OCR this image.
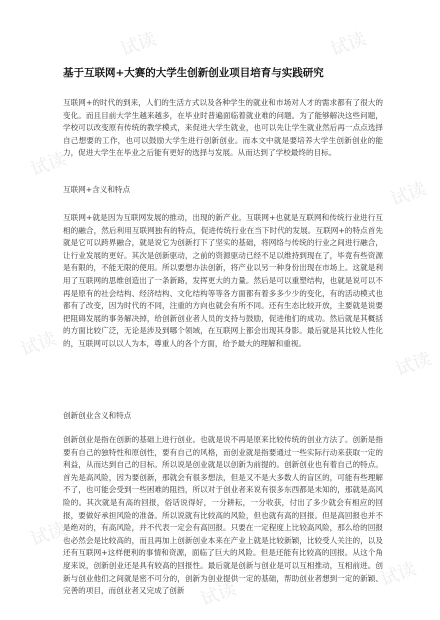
试读	试读
试读
试读
试读
试读
试读
试读
试读
基于互联网+大赛的大学生创新创业项目培育与实践研究
互联网+的时代的到来，人们的生活方式以及各种学生的就业和市场对人才的需求都有了很大的变化。而且目前大学生越来越多，在毕业时普遍面临着就业难的问题。为了能够解决这些问题，学校可以改变原有传统的教学模式，来促进大学生就业，也可以先让学生就业然后再一点点选择自己想要的工作，也可以鼓励大学生进行创新创业。而本文中就是要培养大学生创新创业的能力，促进大学生在毕业之后能有更好的选择与发展。从而达到了学校最终的目标。
互联网+含义和特点
互联网+就是因为互联网发展的推动，出现的新产业。互联网+也就是互联网和传统行业进行互相的融合，然后利用互联网独有的特点，促进传统行业在当下时代的发展。互联网+的特点首先就是它可以跨界融合，就是说它为创新打下了坚实的基础，将网络与传统的行业之间进行融合，让行业发展的更好。其次是创新驱动，之前的资源驱动已经不足以维持到现在了，毕竟有些资源是有限的，不能无限的使用。所以要想办法创新，将产业以另一种身份出现在市场上。这就是利用了互联网的思维创造出了一条新路，发挥更大的力量。然后是可以重塑结构，也就是说可以不再是原有的社会结构、经济结构、文化结构等等各方面都有着多多少少的变化，有的活动模式也都有了改变，因为时代的不同，注重的方向也就会有所不同。还有生态比较开放，主要就是说要把阻碍发展的事务解决掉，给创新创业者人员的支持与鼓励，促进他们的成功。然后就是其概括的方面比较广泛，无论是涉及到哪个领域，在互联网上都会出现其身影。最后就是其比较人性化的，互联网可以以人为本，尊重人的各个方面，给予最大的理解和重视。
创新创业含义和特点
创新创业是指在创新的基础上进行创业。也就是说不再是原来比较传统的创业方法了。创新是指要有自己的独特性和原创性，要有自己的风格，而创业就是指要通过一些实际行动来获取一定的利益，从而达到自己的目标。所以说是创业就是以创新为前提的。创新创业也有着自己的特点。首先是高风险，因为要创新，那就会有很多想法，但是又不是大多数人的盲区的，可能有些理解不了，也可能会受到一些困难的阻挡，所以对于创业者来说有很多东西都是未知的，那就是高风险的。其次就是有高的回报，俗话说得好，一分耕耘，一分收获，付出了多少就会有相应的回报，要做好承担风险的准备。所以说就有比较高的风险，但也就有高的回报。但是高回报也并不是绝对的，有高风险，并不代表一定会有高回报。只要在一定程度上比较高风险，那么给的回报也必然会是比较高的，而且再加上创新创业本来在产业上就是比较新颖，比较受人关注的，以及还有互联网+这样便利的事情和资源，面临了巨大的风险。但是还能有比较高的回报。从这个角度来说，创新创业还是具有较高的回报性。最后就是创新与创业是可以互相推动，互相前进。创新与创业他们之间就是密不可分的，创新为创业提供一定的基础，帮助创业者想到一定的新颖、完善的项目，而创业者又完成了创新
